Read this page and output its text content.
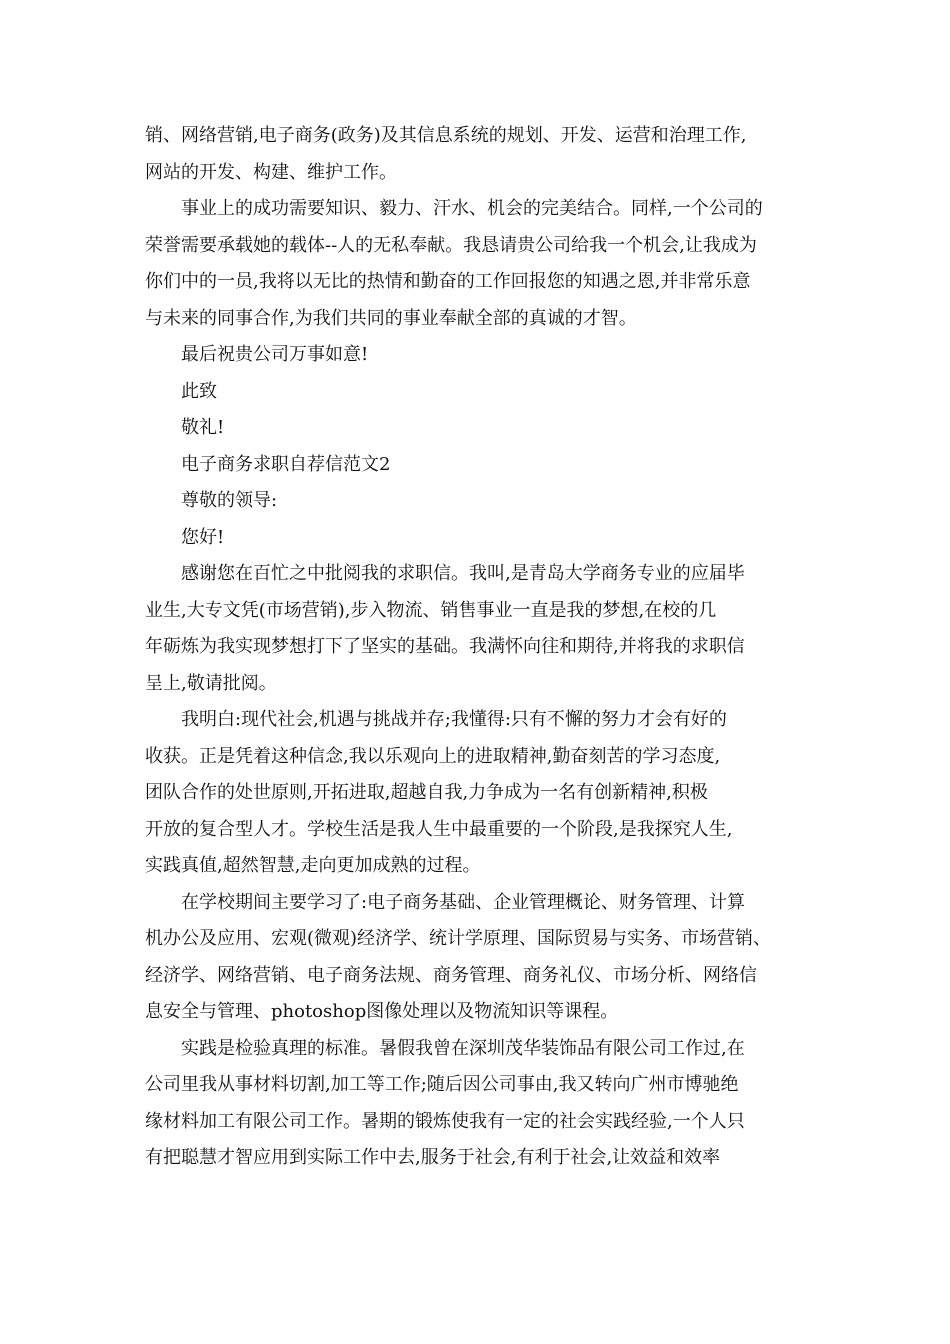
销、网络营销,电子商务(政务)及其信息系统的规划、开发、运营和治理工作,
网站的开发、构建、维护工作。
事业上的成功需要知识、毅力、汗水、机会的完美结合。同样,一个公司的
荣誉需要承载她的载体--人的无私奉献。我恳请贵公司给我一个机会,让我成为
你们中的一员,我将以无比的热情和勤奋的工作回报您的知遇之恩,并非常乐意
与未来的同事合作,为我们共同的事业奉献全部的真诚的才智。
最后祝贵公司万事如意!
此致
敬礼!
电子商务求职自荐信范文2
尊敬的领导:
您好!
感谢您在百忙之中批阅我的求职信。我叫,是青岛大学商务专业的应届毕
业生,大专文凭(市场营销),步入物流、销售事业一直是我的梦想,在校的几
年砺炼为我实现梦想打下了坚实的基础。我满怀向往和期待,并将我的求职信
呈上,敬请批阅。
我明白:现代社会,机遇与挑战并存;我懂得:只有不懈的努力才会有好的
收获。正是凭着这种信念,我以乐观向上的进取精神,勤奋刻苦的学习态度,
团队合作的处世原则,开拓进取,超越自我,力争成为一名有创新精神,积极
开放的复合型人才。学校生活是我人生中最重要的一个阶段,是我探究人生,
实践真值,超然智慧,走向更加成熟的过程。
在学校期间主要学习了:电子商务基础、企业管理概论、财务管理、计算
机办公及应用、宏观(微观)经济学、统计学原理、国际贸易与实务、市场营销、
经济学、网络营销、电子商务法规、商务管理、商务礼仪、市场分析、网络信
息安全与管理、photoshop图像处理以及物流知识等课程。
实践是检验真理的标准。暑假我曾在深圳茂华装饰品有限公司工作过,在
公司里我从事材料切割,加工等工作;随后因公司事由,我又转向广州市博驰绝
缘材料加工有限公司工作。暑期的锻炼使我有一定的社会实践经验,一个人只
有把聪慧才智应用到实际工作中去,服务于社会,有利于社会,让效益和效率
